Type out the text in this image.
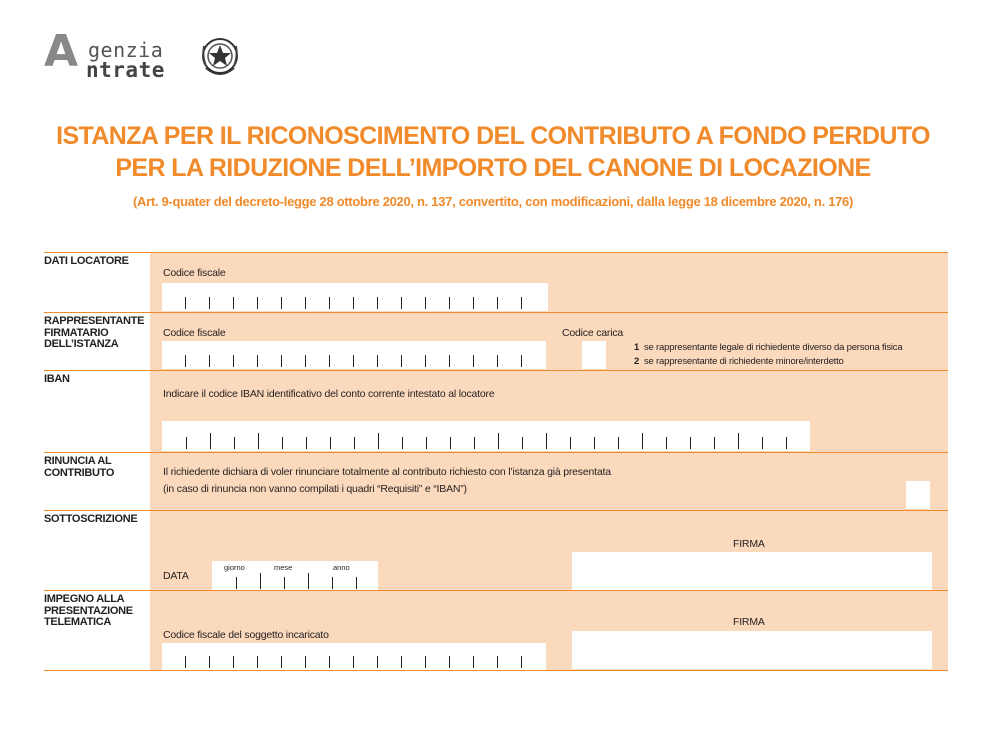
A genzia
ntrate
ISTANZA PER IL RICONOSCIMENTO DEL CONTRIBUTO A FONDO PERDUTO
PER LA RIDUZIONE DELL’IMPORTO DEL CANONE DI LOCAZIONE
(Art. 9-quater del decreto-legge 28 ottobre 2020, n. 137, convertito, con modificazioni, dalla legge 18 dicembre 2020, n. 176)
DATI LOCATORE
Codice fiscale
RAPPRESENTANTE FIRMATARIO DELL’ISTANZA
Codice fiscale	Codice carica
1 se rappresentante legale di richiedente diverso da persona fisica
2 se rappresentante di richiedente minore/interdetto
IBAN
Indicare il codice IBAN identificativo del conto corrente intestato al locatore
RINUNCIA AL CONTRIBUTO	Il richiedente dichiara di voler rinunciare totalmente al contributo richiesto con l’istanza già presentata
(in caso di rinuncia non vanno compilati i quadri “Requisiti” e “IBAN”)
SOTTOSCRIZIONE
DATA
giorno	mese	anno
FIRMA
IMPEGNO ALLA PRESENTAZIONE TELEMATICA
Codice fiscale del soggetto incaricato
FIRMA
